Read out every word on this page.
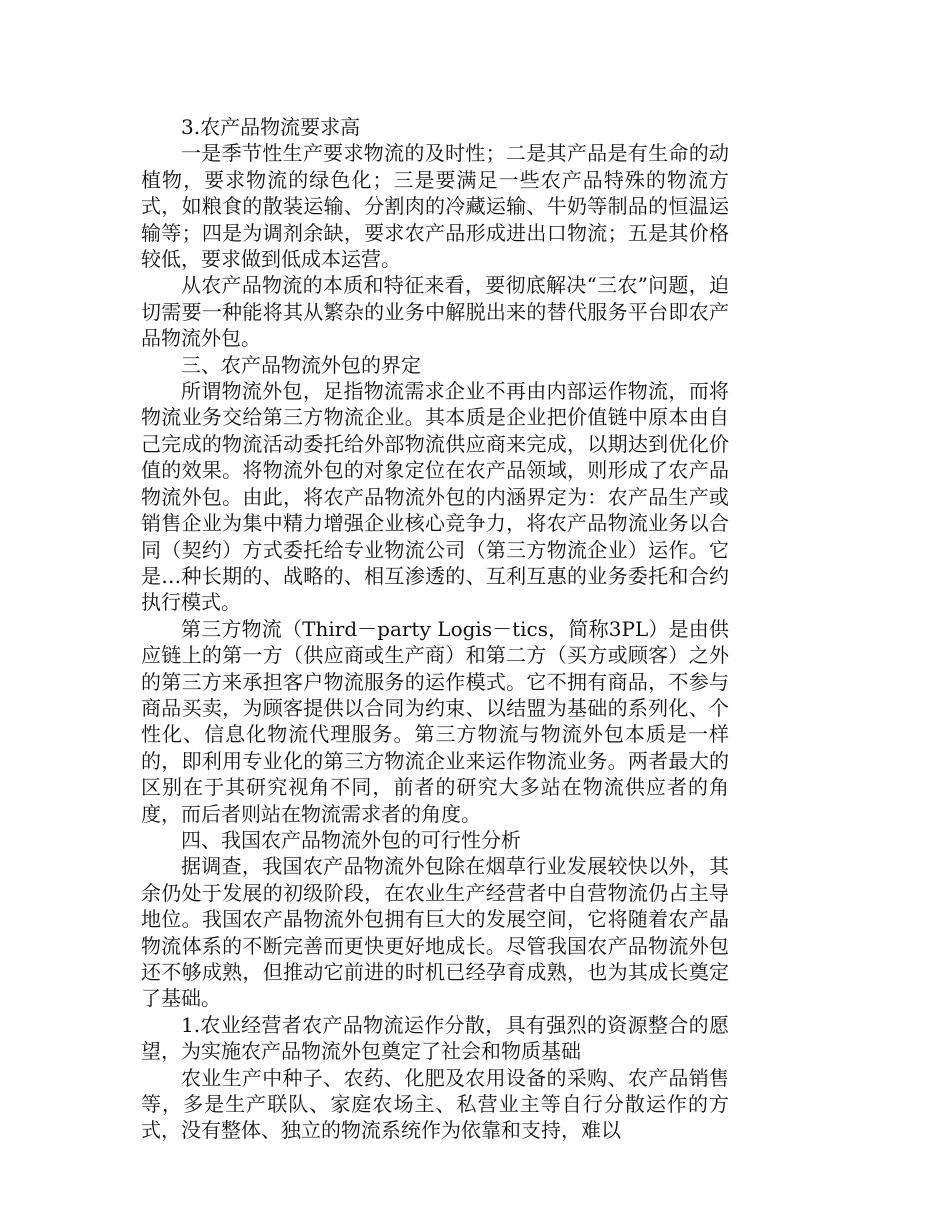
3.农产品物流要求高

一是季节性生产要求物流的及时性；二是其产品是有生命的动植物，要求物流的绿色化；三是要满足一些农产品特殊的物流方式，如粮食的散装运输、分割肉的冷藏运输、牛奶等制品的恒温运输等；四是为调剂余缺，要求农产品形成进出口物流；五是其价格较低，要求做到低成本运营。

从农产品物流的本质和特征来看，要彻底解决“三农”问题，迫切需要一种能将其从繁杂的业务中解脱出来的替代服务平台即农产品物流外包。

三、农产品物流外包的界定

所谓物流外包，足指物流需求企业不再由内部运作物流，而将物流业务交给第三方物流企业。其本质是企业把价值链中原本由自己完成的物流活动委托给外部物流供应商来完成，以期达到优化价值的效果。将物流外包的对象定位在农产品领域，则形成了农产品物流外包。由此，将农产品物流外包的内涵界定为：农产品生产或销售企业为集中精力增强企业核心竞争力，将农产品物流业务以合同（契约）方式委托给专业物流公司（第三方物流企业）运作。它是…种长期的、战略的、相互渗透的、互利互惠的业务委托和合约执行模式。

第三方物流（Third－party Logis－tics，简称3PL）是由供应链上的第一方（供应商或生产商）和第二方（买方或顾客）之外的第三方来承担客户物流服务的运作模式。它不拥有商品，不参与商品买卖，为顾客提供以合同为约束、以结盟为基础的系列化、个性化、信息化物流代理服务。第三方物流与物流外包本质是一样的，即利用专业化的第三方物流企业来运作物流业务。两者最大的区别在于其研究视角不同，前者的研究大多站在物流供应者的角度，而后者则站在物流需求者的角度。

四、我国农产品物流外包的可行性分析

据调查，我国农产品物流外包除在烟草行业发展较快以外，其余仍处于发展的初级阶段，在农业生产经营者中自营物流仍占主导地位。我国农产晶物流外包拥有巨大的发展空间，它将随着农产晶物流体系的不断完善而更快更好地成长。尽管我国农产品物流外包还不够成熟，但推动它前进的时机已经孕育成熟，也为其成长奠定了基础。

1.农业经营者农产品物流运作分散，具有强烈的资源整合的愿望，为实施农产品物流外包奠定了社会和物质基础

农业生产中种子、农药、化肥及农用设备的采购、农产品销售等，多是生产联队、家庭农场主、私营业主等自行分散运作的方式，没有整体、独立的物流系统作为依靠和支持，难以
